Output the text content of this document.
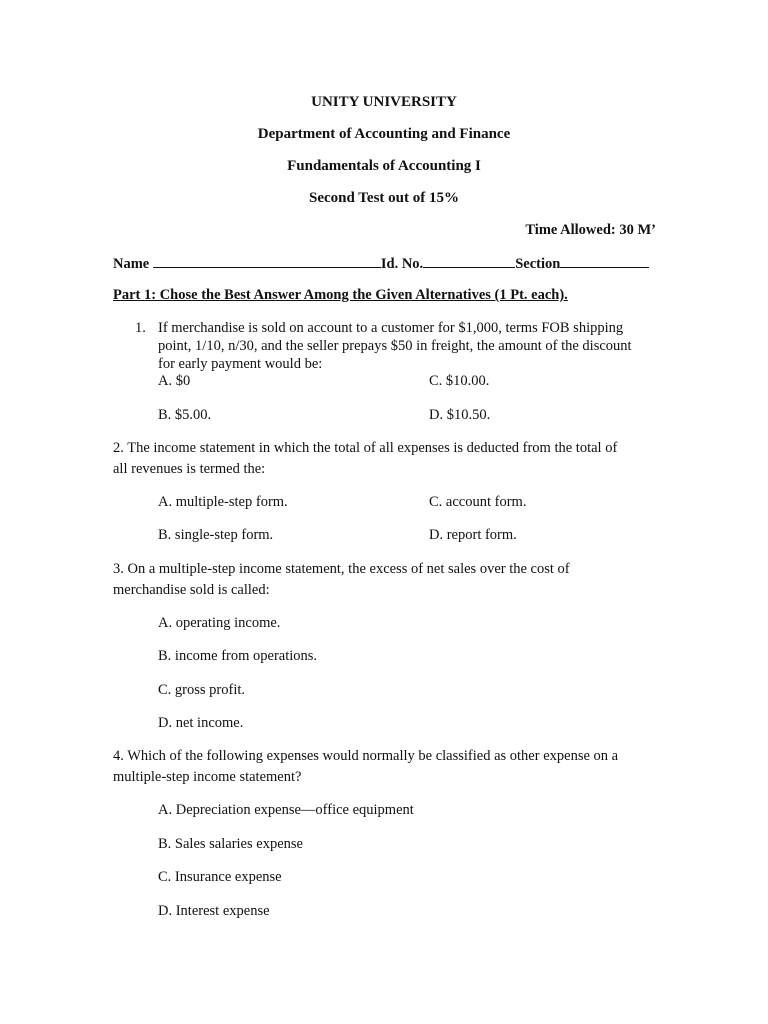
UNITY UNIVERSITY
Department of Accounting and Finance
Fundamentals of Accounting I
Second Test out of 15%
Time Allowed: 30 M’
Name	Id. No.	Section
Part 1: Chose the Best Answer Among the Given Alternatives (1 Pt. each).
1. If merchandise is sold on account to a customer for $1,000, terms FOB shipping
point, 1/10, n/30, and the seller prepays $50 in freight, the amount of the discount
for early payment would be:
A. $0	C. $10.00.
B. $5.00.	D. $10.50.
2. The income statement in which the total of all expenses is deducted from the total of
all revenues is termed the:
A. multiple-step form.	C. account form.
B. single-step form.	D. report form.
3. On a multiple-step income statement, the excess of net sales over the cost of
merchandise sold is called:
A. operating income.
B. income from operations.
C. gross profit.
D. net income.
4. Which of the following expenses would normally be classified as other expense on a
multiple-step income statement?
A. Depreciation expense—office equipment
B. Sales salaries expense
C. Insurance expense
D. Interest expense
